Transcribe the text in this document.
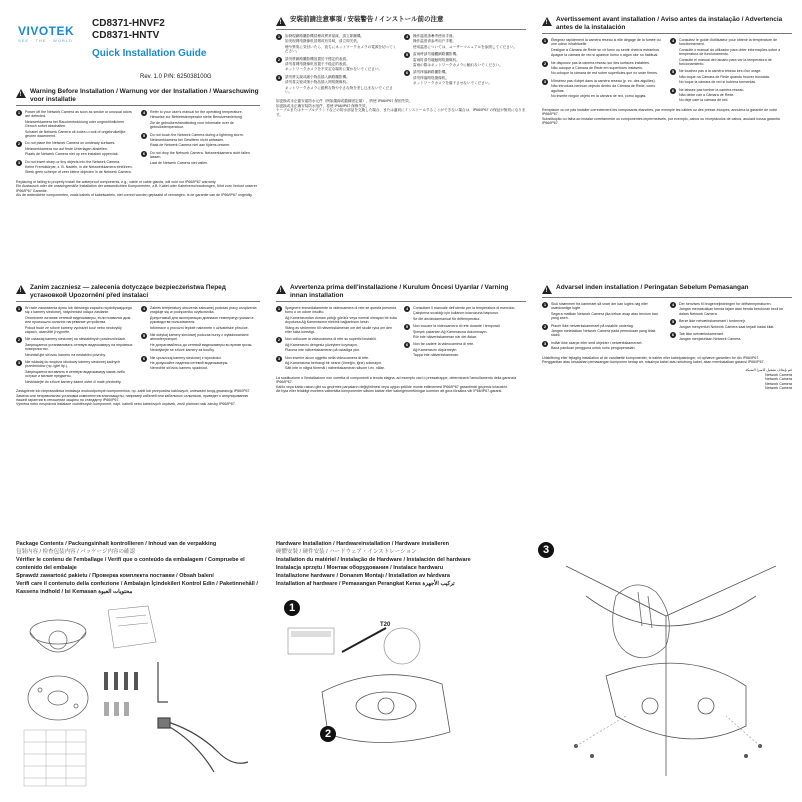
VIVOTEK
SEE · THE · WORLD
CD8371-HNVF2
CD8371-HNTV
Quick Installation Guide
Rev. 1.0 P/N: 625038100G
!
Warning Before Installation / Warnung vor der Installation / Waarschuwing voor installatie
1	Power off the Network Camera as soon as smoke or unusual odors are detected.
Netzwerkkamera bei Rauchentwicklung oder ungewöhnlichem Geruch sofort abschalten.
Schakel de Netwerk Camera uit zodra u rook of ongebruikelijke geuren waarneemt.
2	Do not place the Network Camera on unsteady surfaces.
Netzwerkkamera nur auf feste Unterlagen abstellen.
Plaats de Netwerk Camera niet op een instabiel oppervlak.
3	Do not insert sharp or tiny objects into the Network Camera.
Keine Fremdkörper, z. B. Nadeln, in die Netzwerkkamera einführen.
Steek geen scherpe of zeer kleine objecten in de Netwerk Camera.
4	Refer to your user's manual for the operating temperature.
Hinweise zur Betriebstemperatur siehe Benutzeranleitung.
Zie de gebruikershandleiding voor informatie over de gebruikstemperatuur.
5	Do not touch the Network Camera during a lightning storm.
Netzwerkkamera bei Gewittern nicht anfassen.
Raak de Netwerk Camera niet aan tijdens onweer.
6	Do not drop the Network Camera. Netzwerkkamera nicht fallen lassen.
Laat de Netwerk Camera niet vallen.
Replacing or failing to properly install the waterproof components, e.g., cable or cable glands, will void our IP66/IP67 warranty.
Ein Austausch oder die unsachgemäße Installation der wasserdichten Komponenten, z.B. Kabel oder Kabelverschraubungen, führt zum Verlust unserer IP66/IP67 Garantie.
Als de waterdichte componenten, zoals kabels of kabelwartels, niet correct worden geplaatst of vervangen, is de garantie van de IP66/IP67 ongeldig.
!
安裝前請注意事項 / 安装警告 / インストール前の注意
1	如發現網路攝影機冒煙或異常氣味，請立即關機。
如发现网络摄像机冒烟或有异味，请立即关机。
煙や異臭に気付いたら、直ちにネットワークカメラの電源を切ってください。
2	請勿將網路攝影機放置於不穩定的表面。
请勿将网络摄像机放置于不稳定的表面。
ネットワークカメラを不安定な場所に置かないでください。
3	請勿將尖銳或細小物品插入網路攝影機。
请勿将尖锐或细小物品插入网络摄像机。
ネットワークカメラに鋭利な物や小さな物を差し込まないでください。
4	操作溫度請參考使用手冊。
操作温度请参考用户手册。
使用温度については、ユーザーマニュアルを参照してください。
5	雷雨時請勿碰觸網路攝影機。
雷雨时请勿碰触网络摄像机。
雷雨の際はネットワークカメラに触れないでください。
6	請勿摔落網路攝影機。
请勿摔落网络摄像机。
ネットワークカメラを落下させないでください。
如更換或未正確安裝防水元件（例如纜線或纜線固定頭），將使 IP66/IP67 保固失效。
如更换或未正确安装防水组件，将使 IP66/IP67 保修失效。
ケーブルまたはケーブルグランドなどの防水部品を交換した場合、または適切にインストールすることができない場合は、IP66/IP67 の保証が無効になります。
!
Avertissement avant installation / Aviso antes da instalação / Advertencia antes de la instalación
1	Éteignez rapidement la caméra réseau si elle dégage de la fumée ou une odeur inhabituelle.
Desligue a Câmara de Rede se vir fumo ou sentir cheiros estranhos.
Apague la cámara de red si aparece humo o algún olor no habitual.
2	Ne disposez pas la caméra réseau sur des surfaces instables.
Não coloque a Câmara de Rede em superfícies instáveis.
No coloque la cámara de red sobre superficies que no sean firmes.
3	N'insérez pas d'objet dans la caméra réseau (p. ex. des aiguilles).
Não introduza nenhum objecto dentro da Câmara de Rede, como agulhas.
No inserte ningún objeto en la cámara de red, como agujas.
4	Consultez le guide d'utilisateur pour obtenir la température de fonctionnement.
Consulte o manual do utilizador para obter informações sobre a temperatura de funcionamento.
Consulte el manual del usuario para ver la temperatura de funcionamiento.
5	Ne touchez pas à la caméra réseau lors d'un orage.
Não toque na Câmara de Rede quando houver trovoada.
No toque la cámara de red si hubiera tormentas.
6	Ne laissez pas tomber la caméra réseau.
Não deixe cair a Câmara de Rede.
No deje caer la cámara de red.
Remplacer ou ne pas installer correctement les composants étanches, par exemple les câbles ou des presse-étoupes, annulera la garantie de votre IP66/IP67.
Substituição ou falha ao instalar corretamente os componentes impermeáveis, por exemplo, cabos ou receptáculos de cabos, anulará nossa garantia IP66/IP67.
!
Zanim zaczniesz — zalecenia dotyczące bezpieczeństwa Перед установкой Upozornění před instalací
1	W razie zauważenia dymu lub dziwnego zapachu wydobywającego się z kamery sieciowej, natychmiast odłącz zasilanie.
Отключите питание сетевой видеокамеры, если появился дым или произошло сильное нагревание устройства.
Pokud bude ze síťové kamery vycházet kouř nebo neobvyklý zápach, okamžitě ji vypněte.
2	Nie ustawiaj kamery sieciowej na niestabilnych powierzchniach.
Запрещается устанавливать сетевую видеокамеру на неровных поверхностях.
Neumisťujte síťovou kameru na nestabilní povrchy.
3	Nie wkładaj do wnętrza obudowy kamery sieciowej żadnych przedmiotów (np. igieł itp.).
Запрещается вставлять в сетевую видеокамеру какие-либо острые и мелкие предметы.
Nevkládejte do síťové kamery žádné ostré či malé předměty.
4	Zakres temperatury otoczenia zalecanej podczas pracy urządzenia znajduje się w podręczniku użytkownika.
Допустимый для эксплуатации диапазон температур указан в руководстве пользователя.
Informace o provozní teplotě naleznete v uživatelské příručce.
5	Nie dotykaj kamery sieciowej podczas burzy z wyładowaniami atmosferycznymi.
Не дотрагивайтесь до сетевой видеокамеры во время грозы.
Nedotýkejte se síťové kamery za bouřky.
6	Nie upuszczaj kamery sieciowej z wysokości.
Не допускайте падения сетевой видеокамеры.
Nenechte síťovou kameru spadnout.
Zastąpienie lub nieprawidłowa instalacja wodoodpornych komponentów, np. kabli lub przepustów kablowych, unieważni twoją gwarancję IP66/IP67.
Замена или неправильная установка компонентов влагозащиты, например кабелей или кабельных сальников, приведет к аннулированию нашей гарантии в отношении защиты по стандарту IP66/IP67.
Výměna nebo nesprávná instalace vodotěsných komponent, např. kabelů nebo kabelových ucpávek, zruší platnost naší záruky IP66/IP67.
!
Avvertenza prima dell'installazione / Kurulum Öncesi Uyarılar / Varning innan installation
1	Spegnere immediatamente la videocamera di rete se questa presenta fumo o un odore insolito.
Ağ Kamerasından duman çıktığı görülür veya normal olmayan bir koku duyulursa Ağ Kamerasının elektrik bağlantısını kesin.
Stäng av strömmen till nätverkskameran om det skulle ryka om den eller lukta konstigt.
2	Non collocare la videocamera di rete su superfici instabili.
Ağ Kamerasını dengesiz yüzeylere koymayın.
Placera inte nätverkskameran på ostadiga ytor.
3	Non inserire alcun oggetto nella videocamera di rete.
Ağ Kamerasına herhangi bir nesne (örneğin, iğne) sokmayın.
Sätt inte in några föremål i nätverkskameran såsom t.ex. nålar.
4	Consultare il manuale dell'utente per la temperatura di esercizio.
Çalıştırma sıcaklığı için kullanım kılavuzuna başvurun.
Se din användarmanual för driftemperatur.
5	Non toccare la videocamera di rete durante i temporali.
Şimşek çakarken Ağ Kamerasına dokunmayın.
Rör inte nätverkskameran när det åskar.
6	Non far cadere la videocamera di rete.
Ağ Kamerasını düşürmeyin.
Tappa inte nätverkskameran.
La sostituzione o l'installazione non corretta di componenti a tenuta stagna, ad esempio cavi o pressatrappe, determinerà l'annullamento della garanzia IP66/IP67.
Kablo veya kablo rakoru gibi su geçirmez parçaların değiştirilmesi veya uygun şekilde monte edilmemesi IP66/IP67 garantimizi geçersiz kılacaktır.
Att byta eller felaktigt montera vattentäta komponenter såsom kablar eller kabelgenomföringar kommer att göra försäkra vår IP66/IP67-garanti.
!
Advarsel inden installation / Peringatan Sebelum Pemasangan
1	Sluk strømmen fra kameraet så snart der kan lugtes røg eller usædvanlige lugte.
Segera matikan Network Camera jika keluar asap atau tercium bau yang aneh.
2	Placér ikke netværkskameraet på ustabile underlag.
Jangan meletakkan Network Camera pada permukaan yang tidak stabil.
3	Indfør ikke skarpe eller små objekter i netværkskameraet.
Baca panduan pengguna untuk suhu pengoperasian.
4	Der henvises til brugervejledningen for driftstemperaturen.
Jangan memasukkan benda tajam atau benda berukuran kecil ke dalam Network Camera.
5	Berør ikke netværkskameraet i tordenvejr.
Jangan menyentuh Network Camera saat terjadi badai kilat.
6	Tab ikke netværkskameraet.
Jangan menjatuhkan Network Camera.
Udskiftning eller fejlagtig installation af de vandtætte komponenter, fx kabler eller kabelpakninger, vil ophæve garantien for din IP66/IP67.
Penggantian atau kesalahan pemasangan komponen kedap air, misalnya kabel atau selubung kabel, akan membatalkan garansi IP66/IP67.
قم بإيقاف تشغيل كاميرا الشبكة
Network Camera
Network Camera
Network Camera
Network Camera
Package Contents / Packungsinhalt kontrollieren / Inhoud van de verpakking
包裝內容 / 检查包装内容 / パッケージ内容の確認
Vérifier le contenu de l'emballage / Verifi que o conteúdo da embalagem / Compruebe el contenido del embalaje
Sprawdź zawartość pakietu / Проверка комплекта поставки / Obsah balení
Verifi care il contenuto della confezione / Ambalajın İçindekileri Kontrol Edin / Paketinnehåll / Kassens indhold / Isi Kemasan محتويات العبوة
Hardware Installation / Hardwareinstallation / Hardware installeren
硬體安裝 / 硬件安装 / ハードウェア・インストレーション
Installation du matériel / Instalação de Hardware / Instalación del hardware
Instalacja sprzętu / Монтаж оборудования / Instalace hardwaru
Installazione hardware / Donanım Montajı / Installation av hårdvara
Installation af hardware / Pemasangan Perangkat Keras تركيب الأجهزة
1
T20
2
3
